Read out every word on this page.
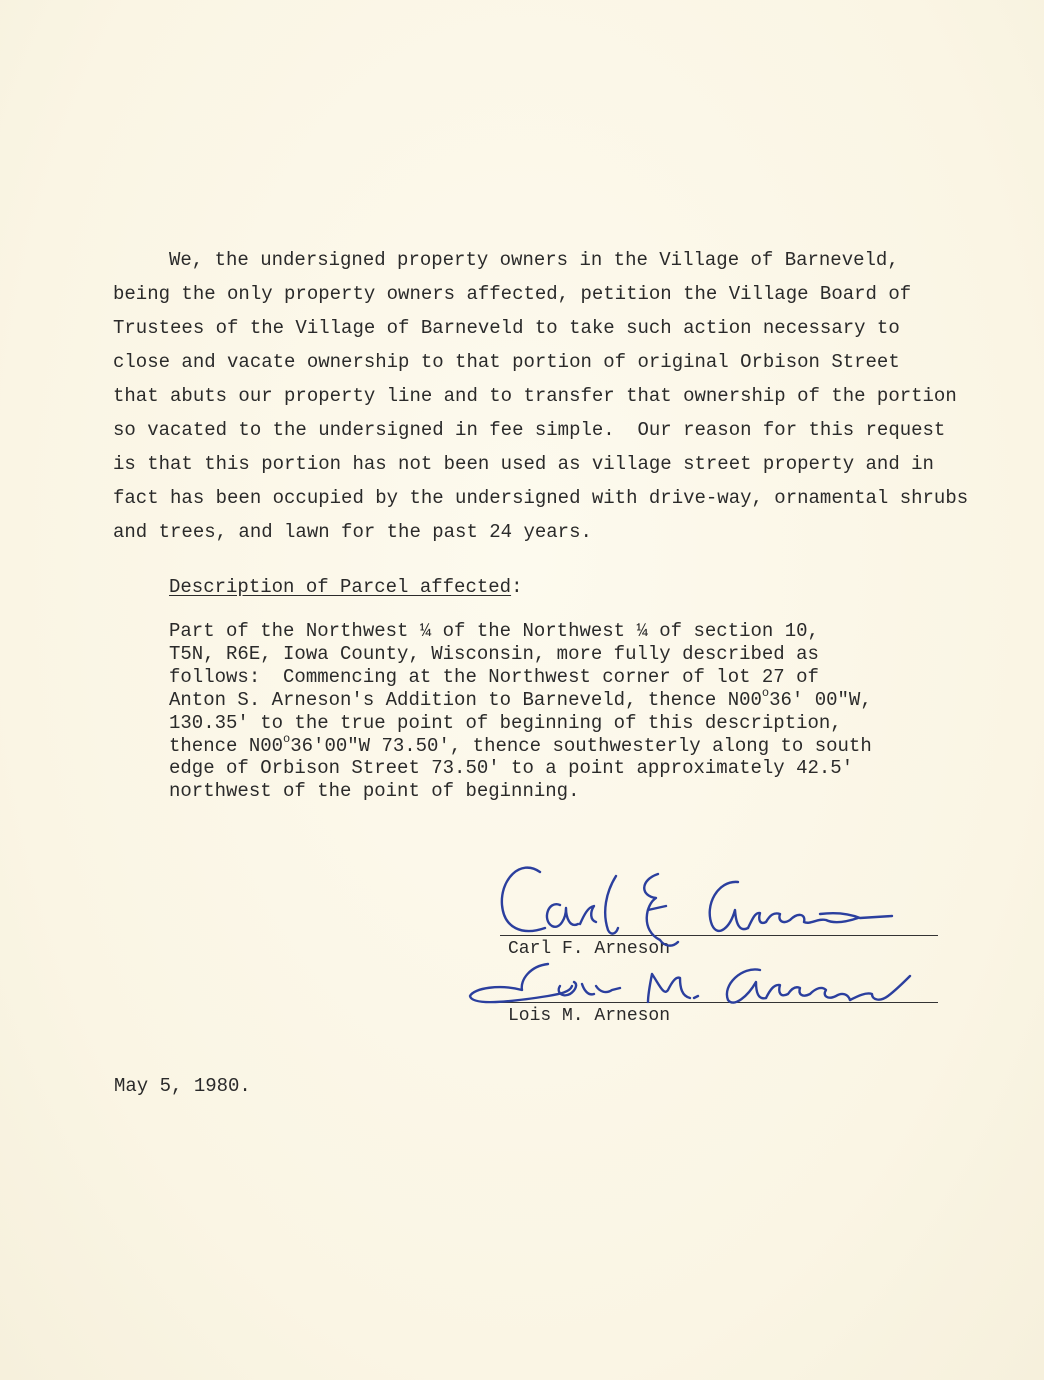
We, the undersigned property owners in the Village of Barneveld,
being the only property owners affected, petition the Village Board of
Trustees of the Village of Barneveld to take such action necessary to
close and vacate ownership to that portion of original Orbison Street
that abuts our property line and to transfer that ownership of the portion
so vacated to the undersigned in fee simple.  Our reason for this request
is that this portion has not been used as village street property and in
fact has been occupied by the undersigned with drive-way, ornamental shrubs
and trees, and lawn for the past 24 years.
Description of Parcel affected:
Part of the Northwest ¼ of the Northwest ¼ of section 10,
T5N, R6E, Iowa County, Wisconsin, more fully described as
follows:  Commencing at the Northwest corner of lot 27 of
Anton S. Arneson's Addition to Barneveld, thence N00$^o$36' 00"W,
130.35' to the true point of beginning of this description,
thence N00$^o$36'00"W 73.50', thence southwesterly along to south
edge of Orbison Street 73.50' to a point approximately 42.5'
northwest of the point of beginning.
Carl F. Arneson
Lois M. Arneson
May 5, 1980.
